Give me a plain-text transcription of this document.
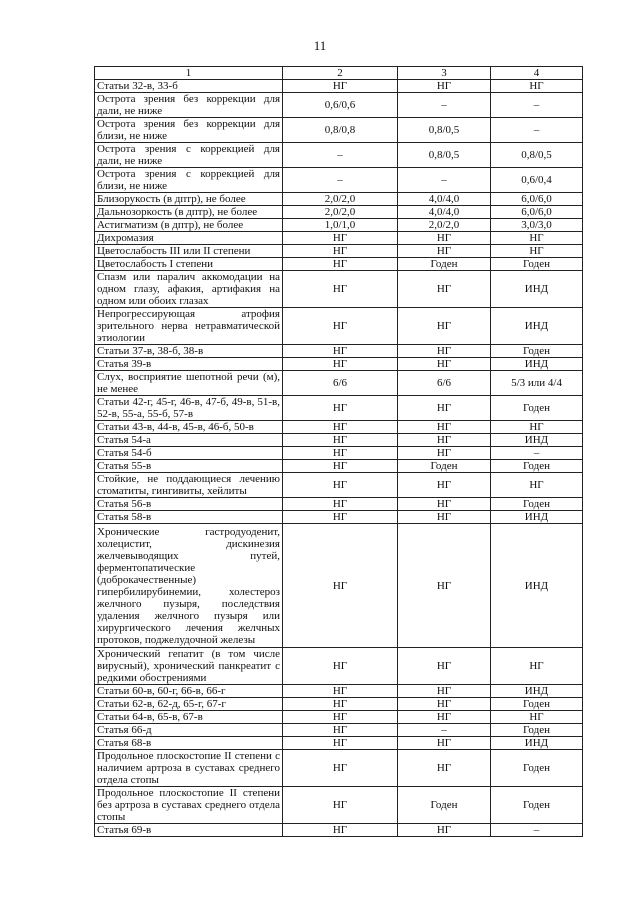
11
1	2	3	4
Статьи 32-в, 33-б	НГ	НГ	НГ
Острота зрения без коррекции для дали, не ниже	0,6/0,6	–	–
Острота зрения без коррекции для близи, не ниже	0,8/0,8	0,8/0,5	–
Острота зрения с коррекцией для дали, не ниже	–	0,8/0,5	0,8/0,5
Острота зрения с коррекцией для близи, не ниже	–	–	0,6/0,4
Близорукость (в дптр), не более	2,0/2,0	4,0/4,0	6,0/6,0
Дальнозоркость (в дптр), не более	2,0/2,0	4,0/4,0	6,0/6,0
Астигматизм (в дптр), не более	1,0/1,0	2,0/2,0	3,0/3,0
Дихромазия	НГ	НГ	НГ
Цветослабость III или II степени	НГ	НГ	НГ
Цветослабость I степени	НГ	Годен	Годен
Спазм или паралич аккомодации на одном глазу, афакия, артифакия на одном или обоих глазах	НГ	НГ	ИНД
Непрогрессирующая атрофия зрительного нерва нетравматической этиологии	НГ	НГ	ИНД
Статьи 37-в, 38-б, 38-в	НГ	НГ	Годен
Статья 39-в	НГ	НГ	ИНД
Слух, восприятие шепотной речи (м), не менее	6/6	6/6	5/3 или 4/4
Статьи 42-г, 45-г, 46-в, 47-б, 49-в, 51-в, 52-в, 55-а, 55-б, 57-в	НГ	НГ	Годен
Статьи 43-в, 44-в, 45-в, 46-б, 50-в	НГ	НГ	НГ
Статья 54-а	НГ	НГ	ИНД
Статья 54-б	НГ	НГ	–
Статья 55-в	НГ	Годен	Годен
Стойкие, не поддающиеся лечению стоматиты, гингивиты, хейлиты	НГ	НГ	НГ
Статья 56-в	НГ	НГ	Годен
Статья 58-в	НГ	НГ	ИНД
Хронические гастродуоденит, холецистит, дискинезия желчевыводящих путей, ферментопатические (доброкачественные) гипербилирубинемии, холестероз желчного пузыря, последствия удаления желчного пузыря или хирургического лечения желчных протоков, поджелудочной железы	НГ	НГ	ИНД
Хронический гепатит (в том числе вирусный), хронический панкреатит с редкими обострениями	НГ	НГ	НГ
Статьи 60-в, 60-г, 66-в, 66-г	НГ	НГ	ИНД
Статьи 62-в, 62-д, 65-г, 67-г	НГ	НГ	Годен
Статьи 64-в, 65-в, 67-в	НГ	НГ	НГ
Статья 66-д	НГ	–	Годен
Статья 68-в	НГ	НГ	ИНД
Продольное плоскостопие II степени с наличием артроза в суставах среднего отдела стопы	НГ	НГ	Годен
Продольное плоскостопие II степени без артроза в суставах среднего отдела стопы	НГ	Годен	Годен
Статья 69-в	НГ	НГ	–
